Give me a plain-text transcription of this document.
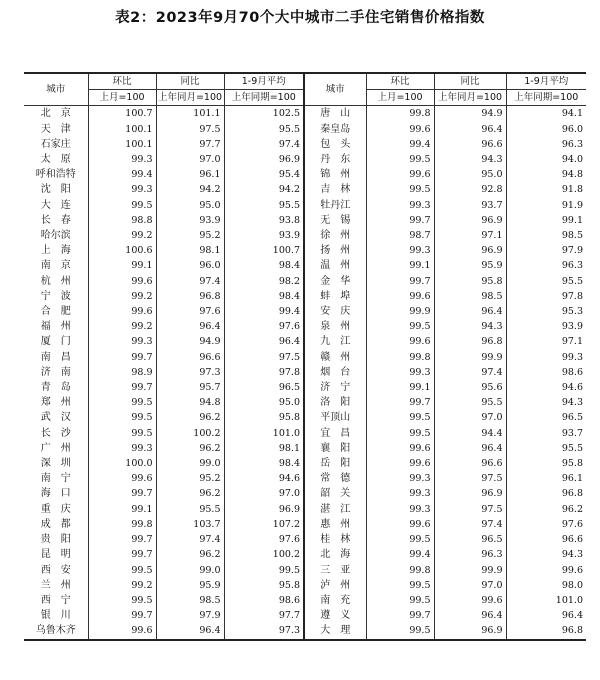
表2：2023年9月70个大中城市二手住宅销售价格指数
城市	环比	同比	1-9月平均	城市	环比	同比	1-9月平均
	上月=100	上年同月=100	上年同期=100		上月=100	上年同月=100	上年同期=100
北　京	100.7	101.1	102.5	唐　山	99.8	94.9	94.1
天　津	100.1	97.5	95.5	秦皇岛	99.6	96.4	96.0
石家庄	100.1	97.7	97.4	包　头	99.4	96.6	96.3
太　原	99.3	97.0	96.9	丹　东	99.5	94.3	94.0
呼和浩特	99.4	96.1	95.4	锦　州	99.6	95.0	94.8
沈　阳	99.3	94.2	94.2	吉　林	99.5	92.8	91.8
大　连	99.5	95.0	95.5	牡丹江	99.3	93.7	91.9
长　春	98.8	93.9	93.8	无　锡	99.7	96.9	99.1
哈尔滨	99.2	95.2	93.9	徐　州	98.7	97.1	98.5
上　海	100.6	98.1	100.7	扬　州	99.3	96.9	97.9
南　京	99.1	96.0	98.4	温　州	99.1	95.9	96.3
杭　州	99.6	97.4	98.2	金　华	99.7	95.8	95.5
宁　波	99.2	96.8	98.4	蚌　埠	99.6	98.5	97.8
合　肥	99.6	97.6	99.4	安　庆	99.9	96.4	95.3
福　州	99.2	96.4	97.6	泉　州	99.5	94.3	93.9
厦　门	99.3	94.9	96.4	九　江	99.6	96.8	97.1
南　昌	99.7	96.6	97.5	赣　州	99.8	99.9	99.3
济　南	98.9	97.3	97.8	烟　台	99.3	97.4	98.6
青　岛	99.7	95.7	96.5	济　宁	99.1	95.6	94.6
郑　州	99.5	94.8	95.0	洛　阳	99.7	95.5	94.3
武　汉	99.5	96.2	95.8	平顶山	99.5	97.0	96.5
长　沙	99.5	100.2	101.0	宜　昌	99.5	94.4	93.7
广　州	99.3	96.2	98.1	襄　阳	99.6	96.4	95.5
深　圳	100.0	99.0	98.4	岳　阳	99.6	96.6	95.8
南　宁	99.6	95.2	94.6	常　德	99.3	97.5	96.1
海　口	99.7	96.2	97.0	韶　关	99.3	96.9	96.8
重　庆	99.1	95.5	96.9	湛　江	99.3	97.5	96.2
成　都	99.8	103.7	107.2	惠　州	99.6	97.4	97.6
贵　阳	99.7	97.4	97.6	桂　林	99.5	96.5	96.6
昆　明	99.7	96.2	100.2	北　海	99.4	96.3	94.3
西　安	99.5	99.0	99.5	三　亚	99.8	99.9	99.6
兰　州	99.2	95.9	95.8	泸　州	99.5	97.0	98.0
西　宁	99.5	98.5	98.6	南　充	99.5	99.6	101.0
银　川	99.7	97.9	97.7	遵　义	99.7	96.4	96.4
乌鲁木齐	99.6	96.4	97.3	大　理	99.5	96.9	96.8
